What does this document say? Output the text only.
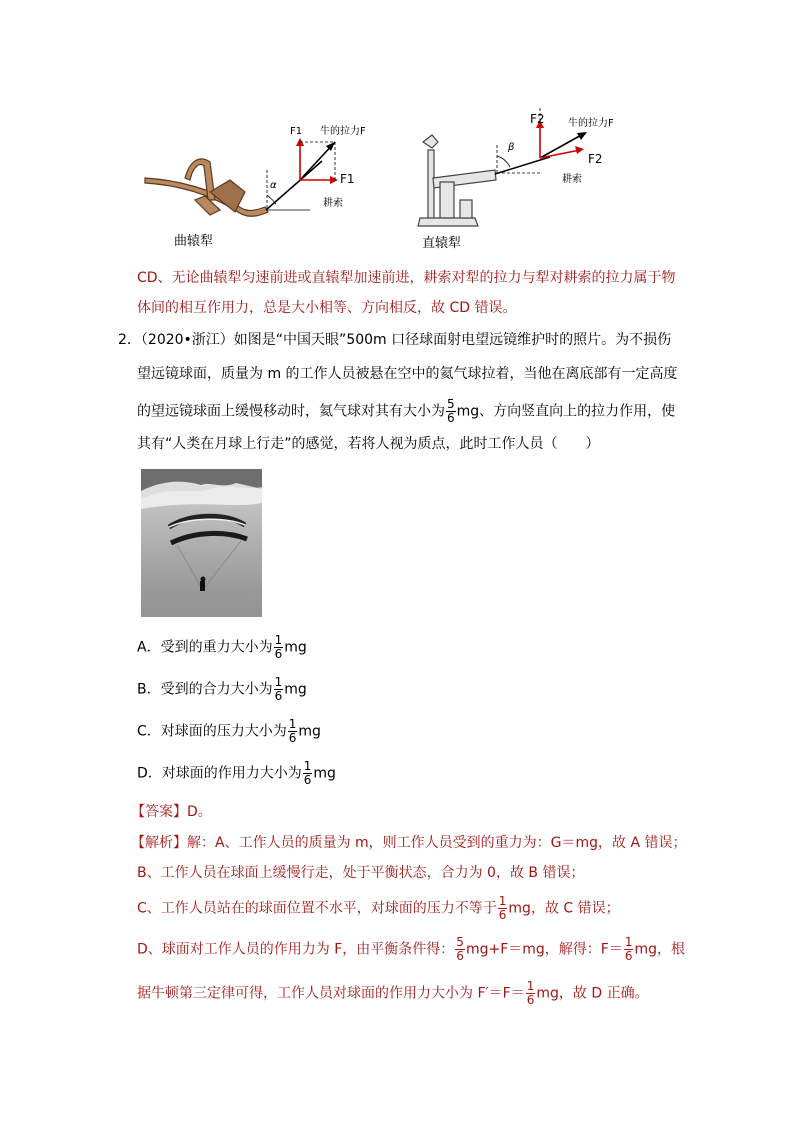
F1 牛的拉力F
F1
耕索
α
曲辕犁
F2 牛的拉力F
F2
耕索
β
直辕犁
CD、无论曲辕犁匀速前进或直辕犁加速前进，耕索对犁的拉力与犁对耕索的拉力属于物
体间的相互作用力，总是大小相等、方向相反，故 CD 错误。
2．（2020•浙江）如图是“中国天眼”500m 口径球面射电望远镜维护时的照片。为不损伤
望远镜球面，质量为 m 的工作人员被悬在空中的氦气球拉着，当他在离底部有一定高度
的望远镜球面上缓慢移动时，氦气球对其有大小为 $\frac{5}{6}$ mg、方向竖直向上的拉力作用，使
其有“人类在月球上行走”的感觉，若将人视为质点，此时工作人员（　　）
A．受到的重力大小为 $\frac{1}{6}$ mg
B．受到的合力大小为 $\frac{1}{6}$ mg
C．对球面的压力大小为 $\frac{1}{6}$ mg
D．对球面的作用力大小为 $\frac{1}{6}$ mg
【答案】D。
【解析】解：A、工作人员的质量为 m，则工作人员受到的重力为：G＝mg，故 A 错误；
B、工作人员在球面上缓慢行走，处于平衡状态，合力为 0，故 B 错误；
C、工作人员站在的球面位置不水平，对球面的压力不等于 $\frac{1}{6}$ mg，故 C 错误；
D、球面对工作人员的作用力为 F，由平衡条件得： $\frac{5}{6} mg+F=mg$，解得：$F= \frac{1}{6}$ mg，根
据牛顿第三定律可得，工作人员对球面的作用力大小为 $F'=F= \frac{1}{6}$ mg，故 D 正确。
